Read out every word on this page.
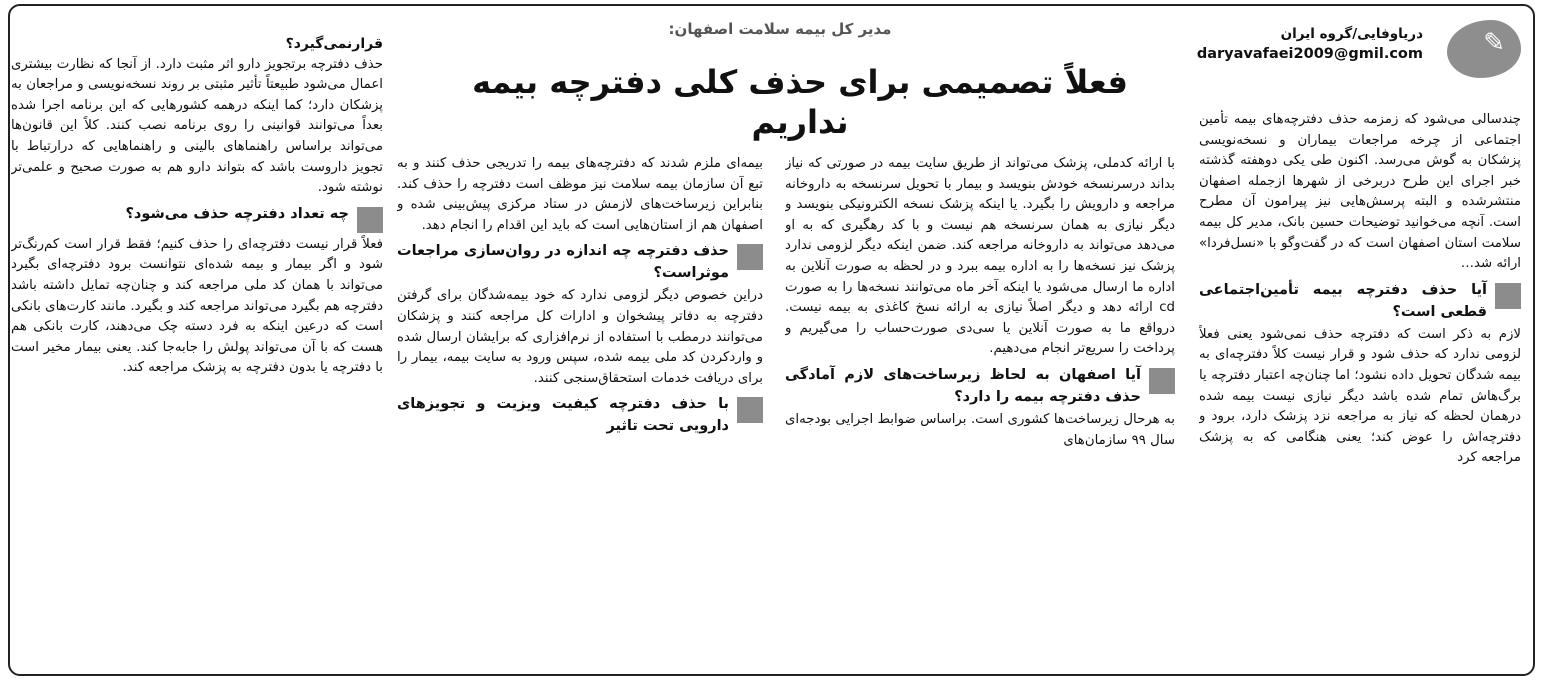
✎
دریاوفایی/گروه ایران
daryavafaei2009@gmil.com
مدیر کل بیمه سلامت اصفهان:
فعلاً تصمیمی برای حذف کلی دفترچه بیمه نداریم	چندسالی می‌شود که زمزمه حذف دفترچه‌های بیمه تأمین اجتماعی از چرخه مراجعات بیماران و نسخه‌نویسی پزشکان به گوش می‌رسد. اکنون طی یکی دوهفته گذشته خبر اجرای این طرح دربرخی از شهرها ازجمله اصفهان منتشرشده و البته پرسش‌هایی نیز پیرامون آن مطرح است. آنچه می‌خوانید توضیحات حسین بانک، مدیر کل بیمه سلامت استان اصفهان است که در گفت‌وگو با «نسل‌فردا» ارائه شد…

آیا حذف دفترچه بیمه تأمین‌اجتماعی قطعی است؟

لازم به ذکر است که دفترچه حذف نمی‌شود یعنی فعلاً لزومی ندارد که حذف شود و قرار نیست کلاً دفترچه‌ای به بیمه شدگان تحویل داده نشود؛ اما چنان‌چه اعتبار دفترچه یا برگ‌هاش تمام شده باشد دیگر نیازی نیست بیمه شده درهمان لحظه که نیاز به مراجعه نزد پزشک دارد، برود و دفترچه‌اش را عوض کند؛ یعنی هنگامی که به پزشک مراجعه کرد

با ارائه کدملی، پزشک می‌تواند از طریق سایت بیمه در صورتی که نیاز بداند درسرنسخه خودش بنویسد و بیمار با تحویل سرنسخه به داروخانه مراجعه و دارویش را بگیرد. یا اینکه پزشک نسخه الکترونیکی بنویسد و دیگر نیازی به همان سرنسخه هم نیست و با کد رهگیری که به او می‌دهد می‌تواند به داروخانه مراجعه کند. ضمن اینکه دیگر لزومی ندارد پزشک نیز نسخه‌ها را به اداره بیمه ببرد و در لحظه به صورت آنلاین به اداره ما ارسال می‌شود یا اینکه آخر ماه می‌توانند نسخه‌ها را به صورت cd ارائه دهد و دیگر اصلاً نیازی به ارائه نسخ کاغذی به بیمه نیست. درواقع ما به صورت آنلاین یا سی‌دی صورت‌حساب را می‌گیریم و پرداخت را سریع‌تر انجام می‌دهیم.

آیا اصفهان به لحاظ زیرساخت‌های لازم آمادگی حذف دفترچه بیمه را دارد؟

به هرحال زیرساخت‌ها کشوری است. براساس ضوابط اجرایی بودجه‌ای سال ۹۹ سازمان‌های

بیمه‌ای ملزم شدند که دفترچه‌های بیمه را تدریجی حذف کنند و به تبع آن سازمان بیمه سلامت نیز موظف است دفترچه را حذف کند. بنابراین زیرساخت‌های لازمش در ستاد مرکزی پیش‌بینی شده و اصفهان هم از استان‌هایی است که باید این اقدام را انجام دهد.

حذف دفترچه چه اندازه در روان‌سازی مراجعات موثراست؟

دراین خصوص دیگر لزومی ندارد که خود بیمه‌شدگان برای گرفتن دفترچه به دفاتر پیشخوان و ادارات کل مراجعه کنند و پزشکان می‌توانند درمطب با استفاده از نرم‌افزاری که برایشان ارسال شده و واردکردن کد ملی بیمه شده، سپس ورود به سایت بیمه، بیمار را برای دریافت خدمات استحقاق‌سنجی کنند.

با حذف دفترچه کیفیت ویزیت و تجویزهای دارویی تحت تاثیر

قرارنمی‌گیرد؟

حذف دفترچه برتجویز دارو اثر مثبت دارد. از آنجا که نظارت بیشتری اعمال می‌شود طبیعتاً تأثیر مثبتی بر روند نسخه‌نویسی و مراجعان به پزشکان دارد؛ کما اینکه درهمه کشورهایی که این برنامه اجرا شده بعداً می‌توانند قوانینی را روی برنامه نصب کنند. کلاً این قانون‌ها می‌تواند براساس راهنماهای بالینی و راهنماهایی که درارتباط با تجویز داروست باشد که بتواند دارو هم به صورت صحیح و علمی‌تر نوشته شود.

چه تعداد دفترچه حذف می‌شود؟

فعلاً قرار نیست دفترچه‌ای را حذف کنیم؛ فقط قرار است کم‌رنگ‌تر شود و اگر بیمار و بیمه شده‌ای نتوانست برود دفترچه‌ای بگیرد می‌تواند با همان کد ملی مراجعه کند و چنان‌چه تمایل داشته باشد دفترچه هم بگیرد می‌تواند مراجعه کند و بگیرد. مانند کارت‌های بانکی است که درعین اینکه به فرد دسته چک می‌دهند، کارت بانکی هم هست که با آن می‌تواند پولش را جابه‌جا کند. یعنی بیمار مخیر است با دفترچه یا بدون دفترچه به پزشک مراجعه کند.
